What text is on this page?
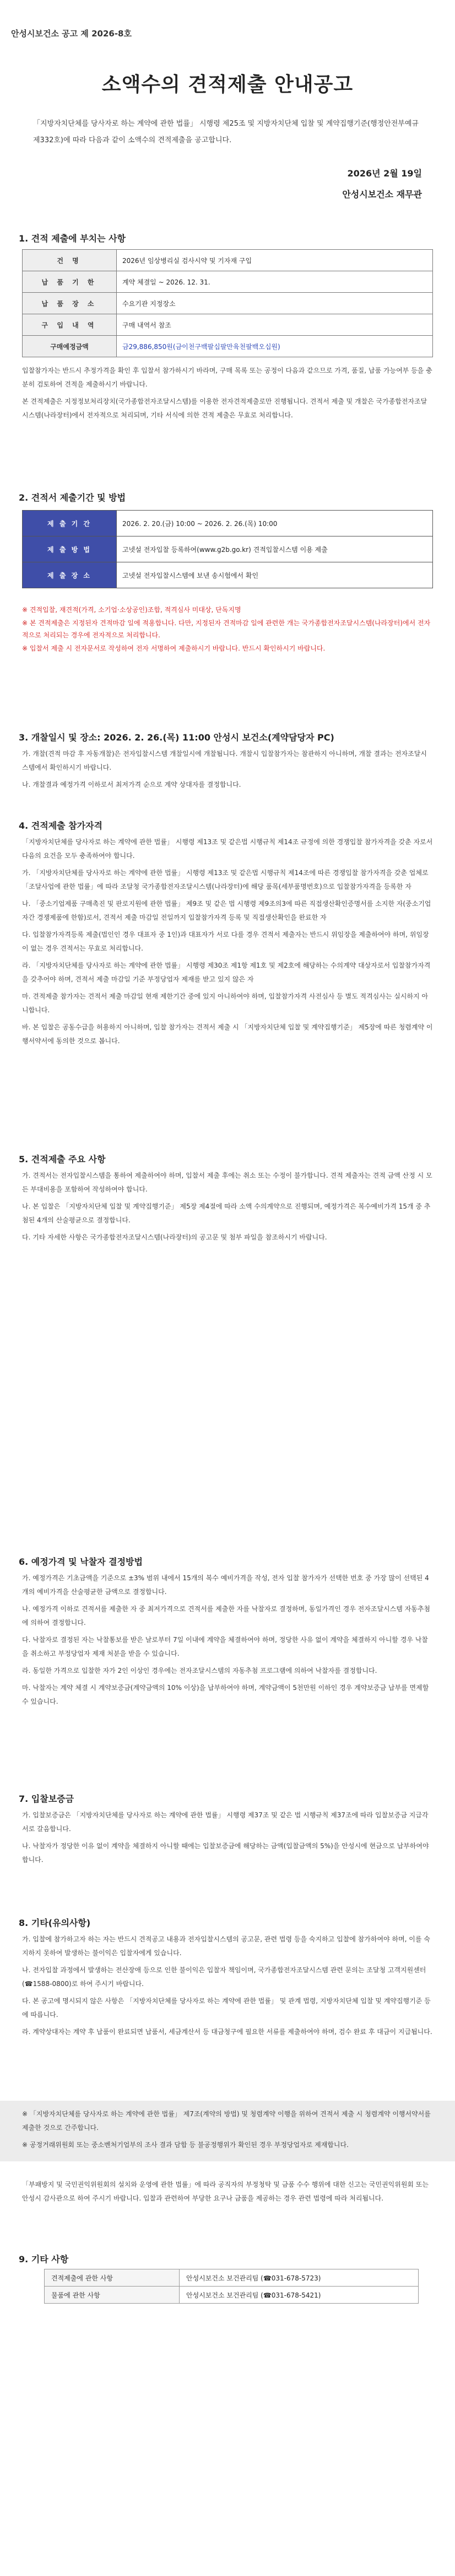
안성시보건소 공고 제 2026-8호
소액수의 견적제출 안내공고
「지방자치단체를 당사자로 하는 계약에 관한 법률」 시행령 제25조 및 지방자치단체 입찰 및 계약집행기준(행정안전부예규 제332호)에 따라 다음과 같이 소액수의 견적제출을 공고합니다.
2026년 2월 19일
안성시보건소 재무관
1. 견적 제출에 부치는 사항
건 명	2026년 임상병리실 검사시약 및 기자재 구입
납 품 기 한	계약 체결일 ~ 2026. 12. 31.
납 품 장 소	수요기관 지정장소
구 입 내 역	구매 내역서 참조
구매예정금액	금29,886,850원(금이천구백팔십팔만육천팔백오십원)

입찰참가자는 반드시 추정가격을 확인 후 입찰서 참가하시기 바라며, 구매 목록 또는 공정이 다음과 같으므로 가격, 품질, 납품 가능여부 등을 충분히 검토하여 견적을 제출하시기 바랍니다.

본 견적제출은 지정정보처리장치(국가종합전자조달시스템)를 이용한 전자견적제출로만 진행됩니다. 견적서 제출 및 개찰은 국가종합전자조달시스템(나라장터)에서 전자적으로 처리되며, 기타 서식에 의한 견적 제출은 무효로 처리합니다.

2. 견적서 제출기간 및 방법
제 출 기 간	2026. 2. 20.(금) 10:00 ~ 2026. 2. 26.(목) 10:00
제 출 방 법	고넷설 전자입찰 등록하여(www.g2b.go.kr) 견적입찰시스템 이용 제출
제 출 장 소	고넷설 전자입찰시스템에 보낸 송시험에서 확인
※ 견적입찰, 재견적(가격, 소기업·소상공인)조합, 적격심사 미대상, 단독지명
※ 본 견적제출은 지정된자 견적마감 일에 적용합니다. 다만, 지정된자 견적마감 일에 관련한 개는 국가종합전자조달시스템(나라장터)에서 전자적으로 처리되는 경우에 전자적으로 처리합니다.
※ 입찰서 제출 시 전자문서로 작성하여 전자 서명하여 제출하시기 바랍니다. 반드시 확인하시기 바랍니다.
3. 개찰일시 및 장소: 2026. 2. 26.(목) 11:00 안성시 보건소(계약담당자 PC)

가. 개찰(견적 마감 후 자동개찰)은 전자입찰시스템 개찰일시에 개찰됩니다. 개찰시 입찰참가자는 참관하지 아니하며, 개찰 결과는 전자조달시스템에서 확인하시기 바랍니다.

나. 개찰결과 예정가격 이하로서 최저가격 순으로 계약 상대자를 결정합니다.

4. 견적제출 참가자격

「지방자치단체를 당사자로 하는 계약에 관한 법률」 시행령 제13조 및 같은법 시행규칙 제14조 규정에 의한 경쟁입찰 참가자격을 갖춘 자로서 다음의 요건을 모두 충족하여야 합니다.

가. 「지방자치단체를 당사자로 하는 계약에 관한 법률」 시행령 제13조 및 같은법 시행규칙 제14조에 따른 경쟁입찰 참가자격을 갖춘 업체로 「조달사업에 관한 법률」에 따라 조달청 국가종합전자조달시스템(나라장터)에 해당 품목(세부품명번호)으로 입찰참가자격을 등록한 자

나. 「중소기업제품 구매촉진 및 판로지원에 관한 법률」 제9조 및 같은 법 시행령 제9조의3에 따른 직접생산확인증명서를 소지한 자(중소기업자간 경쟁제품에 한함)로서, 견적서 제출 마감일 전일까지 입찰참가자격 등록 및 직접생산확인을 완료한 자

다. 입찰참가자격등록 제출(법인인 경우 대표자 중 1인)과 대표자가 서로 다를 경우 견적서 제출자는 반드시 위임장을 제출하여야 하며, 위임장이 없는 경우 견적서는 무효로 처리합니다.

라. 「지방자치단체를 당사자로 하는 계약에 관한 법률」 시행령 제30조 제1항 제1호 및 제2호에 해당하는 수의계약 대상자로서 입찰참가자격을 갖추어야 하며, 견적서 제출 마감일 기준 부정당업자 제재를 받고 있지 않은 자

마. 견적제출 참가자는 견적서 제출 마감일 현재 제한기간 중에 있지 아니하여야 하며, 입찰참가자격 사전심사 등 별도 적격심사는 실시하지 아니합니다.

바. 본 입찰은 공동수급을 허용하지 아니하며, 입찰 참가자는 견적서 제출 시 「지방자치단체 입찰 및 계약집행기준」 제5장에 따른 청렴계약 이행서약서에 동의한 것으로 봅니다.

5. 견적제출 주요 사항

가. 견적서는 전자입찰시스템을 통하여 제출하여야 하며, 입찰서 제출 후에는 취소 또는 수정이 불가합니다. 견적 제출자는 견적 금액 산정 시 모든 부대비용을 포함하여 작성하여야 합니다.

나. 본 입찰은 「지방자치단체 입찰 및 계약집행기준」 제5장 제4절에 따라 소액 수의계약으로 진행되며, 예정가격은 복수예비가격 15개 중 추첨된 4개의 산술평균으로 결정합니다.

다. 기타 자세한 사항은 국가종합전자조달시스템(나라장터)의 공고문 및 첨부 파일을 참조하시기 바랍니다.

6. 예정가격 및 낙찰자 결정방법

가. 예정가격은 기초금액을 기준으로 ±3% 범위 내에서 15개의 복수 예비가격을 작성, 전자 입찰 참가자가 선택한 번호 중 가장 많이 선택된 4개의 예비가격을 산술평균한 금액으로 결정합니다.

나. 예정가격 이하로 견적서를 제출한 자 중 최저가격으로 견적서를 제출한 자를 낙찰자로 결정하며, 동일가격인 경우 전자조달시스템 자동추첨에 의하여 결정합니다.

다. 낙찰자로 결정된 자는 낙찰통보를 받은 날로부터 7일 이내에 계약을 체결하여야 하며, 정당한 사유 없이 계약을 체결하지 아니할 경우 낙찰을 취소하고 부정당업자 제재 처분을 받을 수 있습니다.

라. 동일한 가격으로 입찰한 자가 2인 이상인 경우에는 전자조달시스템의 자동추첨 프로그램에 의하여 낙찰자를 결정합니다.

마. 낙찰자는 계약 체결 시 계약보증금(계약금액의 10% 이상)을 납부하여야 하며, 계약금액이 5천만원 이하인 경우 계약보증금 납부를 면제할 수 있습니다.

7. 입찰보증금

가. 입찰보증금은 「지방자치단체를 당사자로 하는 계약에 관한 법률」 시행령 제37조 및 같은 법 시행규칙 제37조에 따라 입찰보증금 지급각서로 갈음합니다.

나. 낙찰자가 정당한 이유 없이 계약을 체결하지 아니할 때에는 입찰보증금에 해당하는 금액(입찰금액의 5%)을 안성시에 현금으로 납부하여야 합니다.

8. 기타(유의사항)

가. 입찰에 참가하고자 하는 자는 반드시 견적공고 내용과 전자입찰시스템의 공고문, 관련 법령 등을 숙지하고 입찰에 참가하여야 하며, 이를 숙지하지 못하여 발생하는 불이익은 입찰자에게 있습니다.

나. 전자입찰 과정에서 발생하는 전산장애 등으로 인한 불이익은 입찰자 책임이며, 국가종합전자조달시스템 관련 문의는 조달청 고객지원센터(☎1588-0800)로 하여 주시기 바랍니다.

다. 본 공고에 명시되지 않은 사항은 「지방자치단체를 당사자로 하는 계약에 관한 법률」 및 관계 법령, 지방자치단체 입찰 및 계약집행기준 등에 따릅니다.

라. 계약상대자는 계약 후 납품이 완료되면 납품서, 세금계산서 등 대금청구에 필요한 서류를 제출하여야 하며, 검수 완료 후 대금이 지급됩니다.

※ 「지방자치단체를 당사자로 하는 계약에 관한 법률」 제7조(계약의 방법) 및 청렴계약 이행을 위하여 견적서 제출 시 청렴계약 이행서약서를 제출한 것으로 간주합니다.

※ 공정거래위원회 또는 중소벤처기업부의 조사 결과 담합 등 불공정행위가 확인된 경우 부정당업자로 제재합니다.

「부패방지 및 국민권익위원회의 설치와 운영에 관한 법률」에 따라 공직자의 부정청탁 및 금품 수수 행위에 대한 신고는 국민권익위원회 또는 안성시 감사관으로 하여 주시기 바랍니다. 입찰과 관련하여 부당한 요구나 금품을 제공하는 경우 관련 법령에 따라 처리됩니다.

9. 기타 사항
견적제출에 관한 사항	안성시보건소 보건관리팀 (☎031-678-5723)
물품에 관한 사항	안성시보건소 보건관리팀 (☎031-678-5421)
